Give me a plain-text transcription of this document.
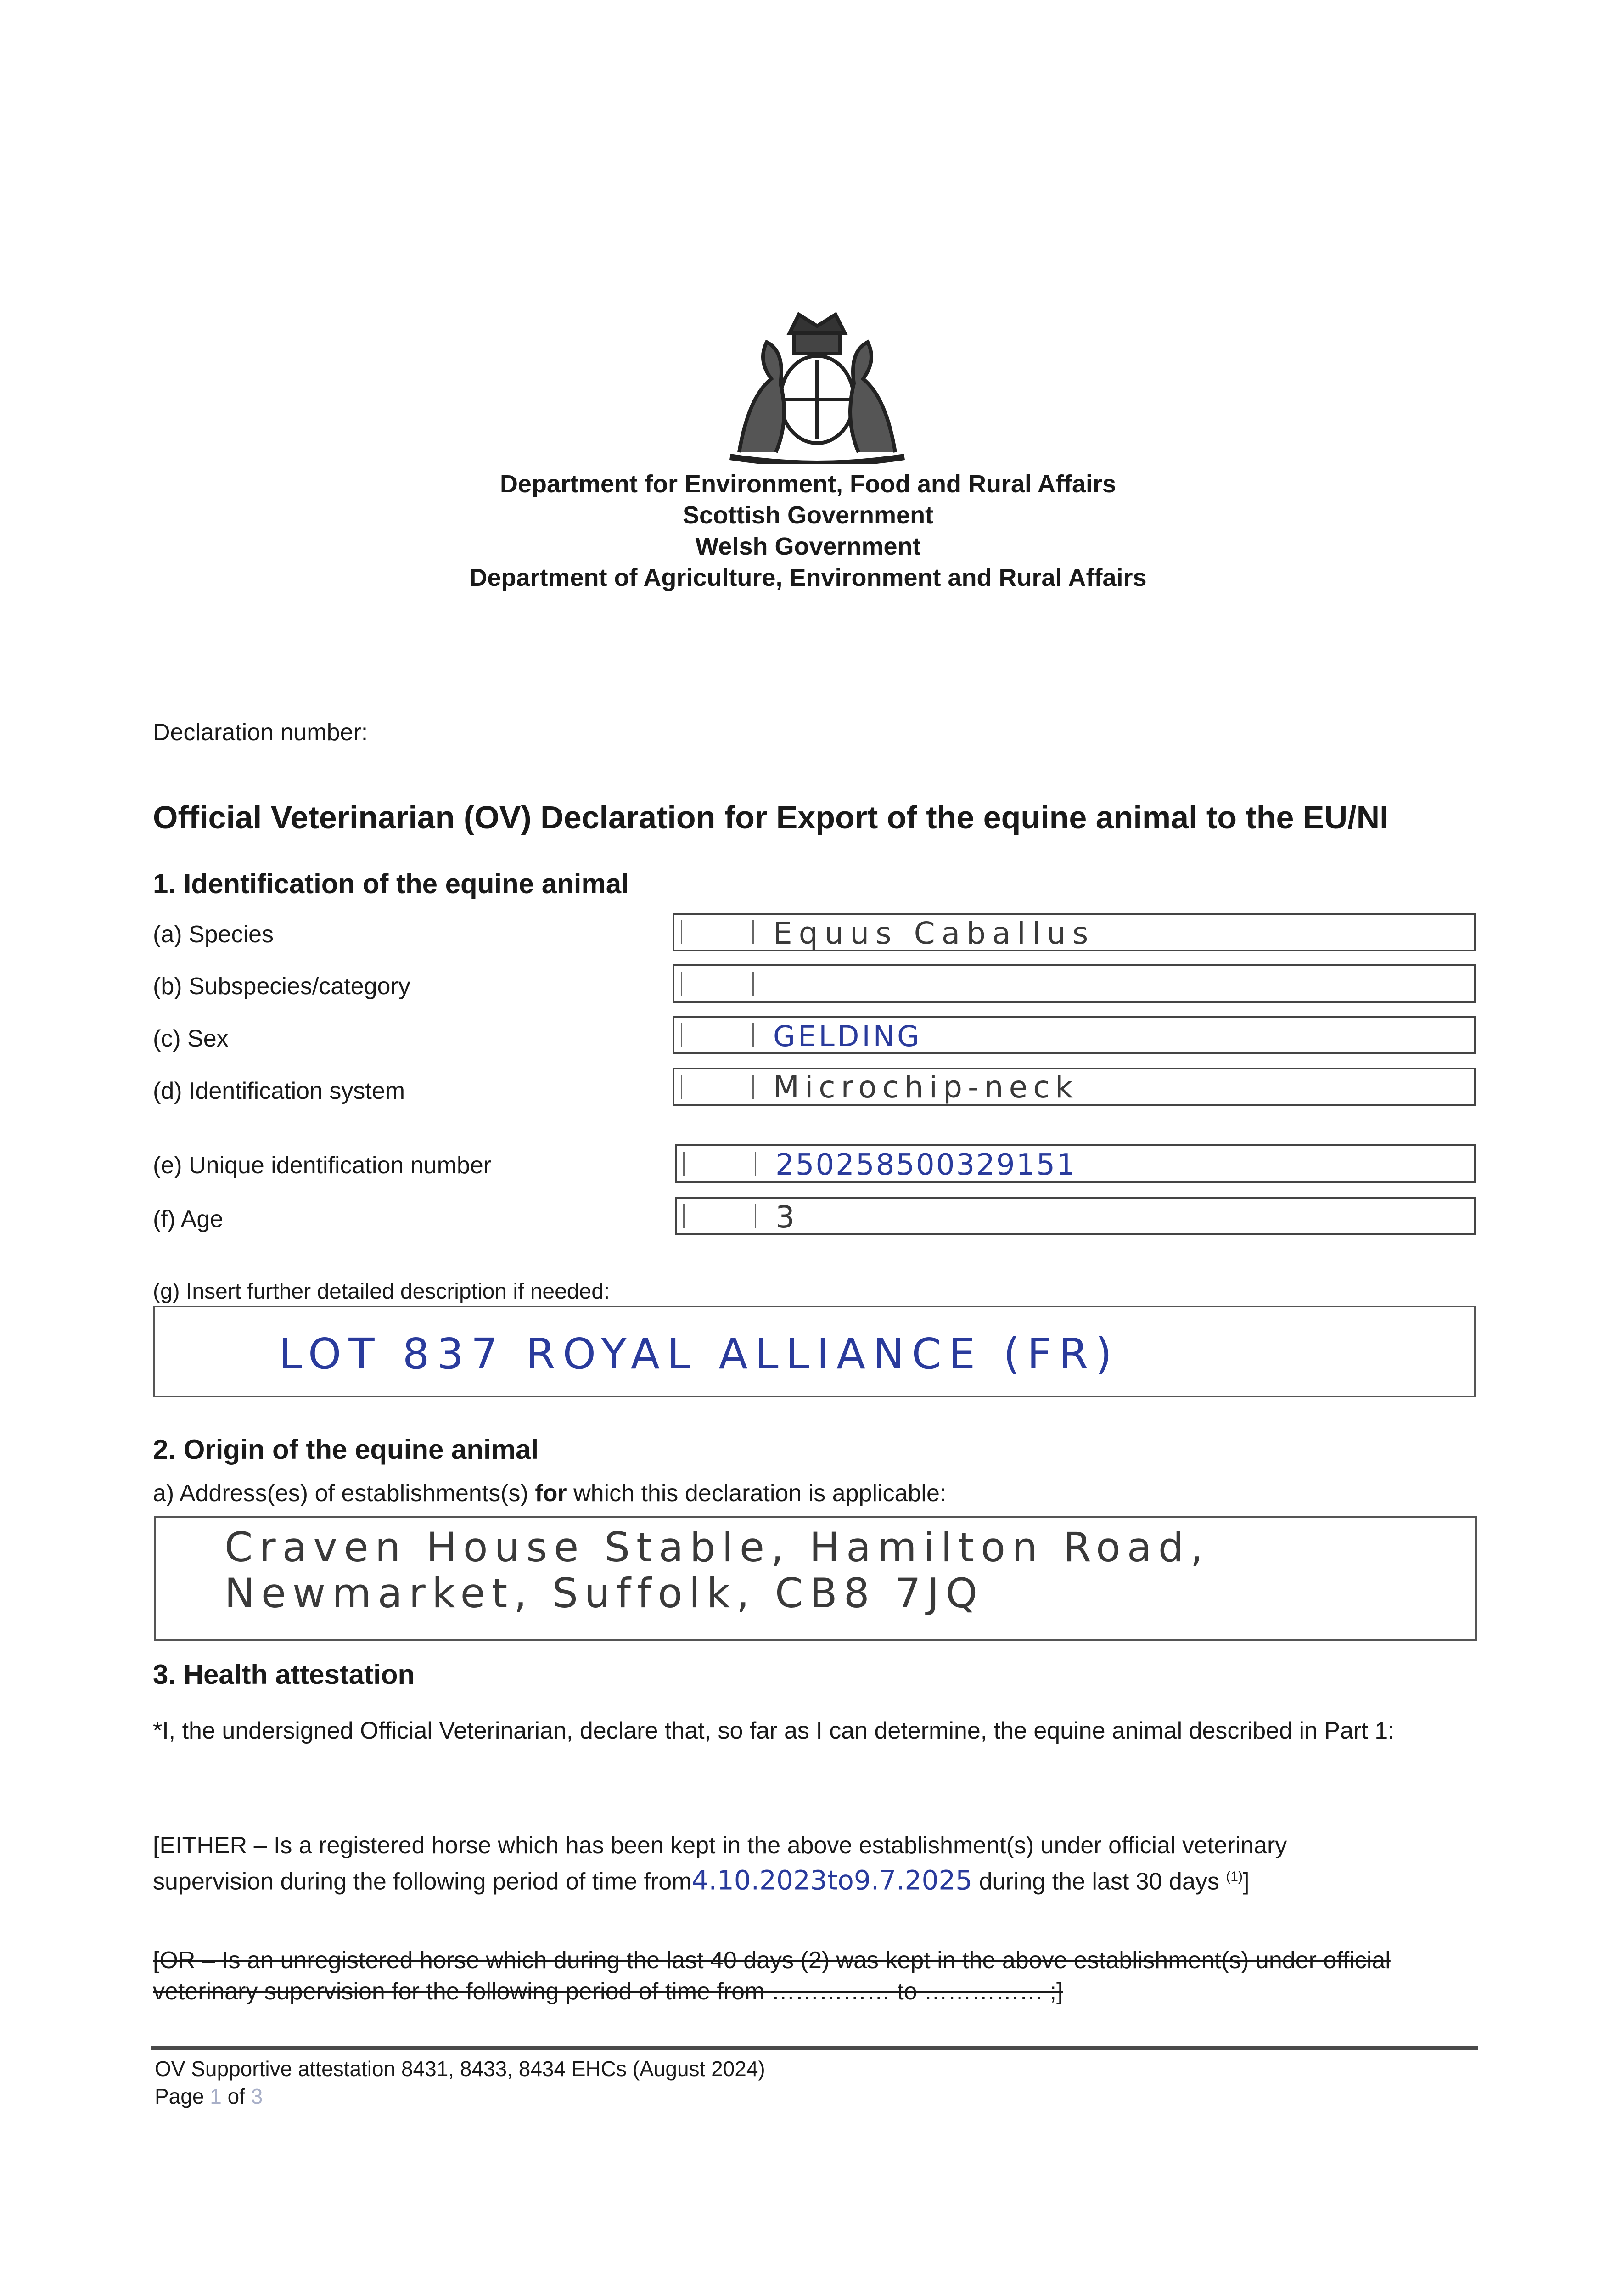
Department for Environment, Food and Rural Affairs
Scottish Government
Welsh Government
Department of Agriculture, Environment and Rural Affairs
Declaration number:
Official Veterinarian (OV) Declaration for Export of the equine animal to the EU/NI
1. Identification of the equine animal
(a) Species	Equus Caballus
(b) Subspecies/category
(c) Sex	GELDING
(d) Identification system	Microchip-neck
(e) Unique identification number	250258500329151
(f) Age	3
(g) Insert further detailed description if needed:
LOT 837 ROYAL ALLIANCE (FR)
2. Origin of the equine animal
a) Address(es) of establishments(s) for which this declaration is applicable:
Craven House Stable, Hamilton Road,
Newmarket, Suffolk, CB8 7JQ
3. Health attestation
*I, the undersigned Official Veterinarian, declare that, so far as I can determine, the equine animal described in Part 1:
[EITHER – Is a registered horse which has been kept in the above establishment(s) under official veterinary
supervision during the following period of time from4.10.2023to9.7.2025 during the last 30 days $^{(1)}$]
[OR – Is an unregistered horse which during the last 40 days (2) was kept in the above establishment(s) under official
veterinary supervision for the following period of time from …………… to …………… ;]
OV Supportive attestation 8431, 8433, 8434 EHCs (August 2024)
Page 1 of 3
